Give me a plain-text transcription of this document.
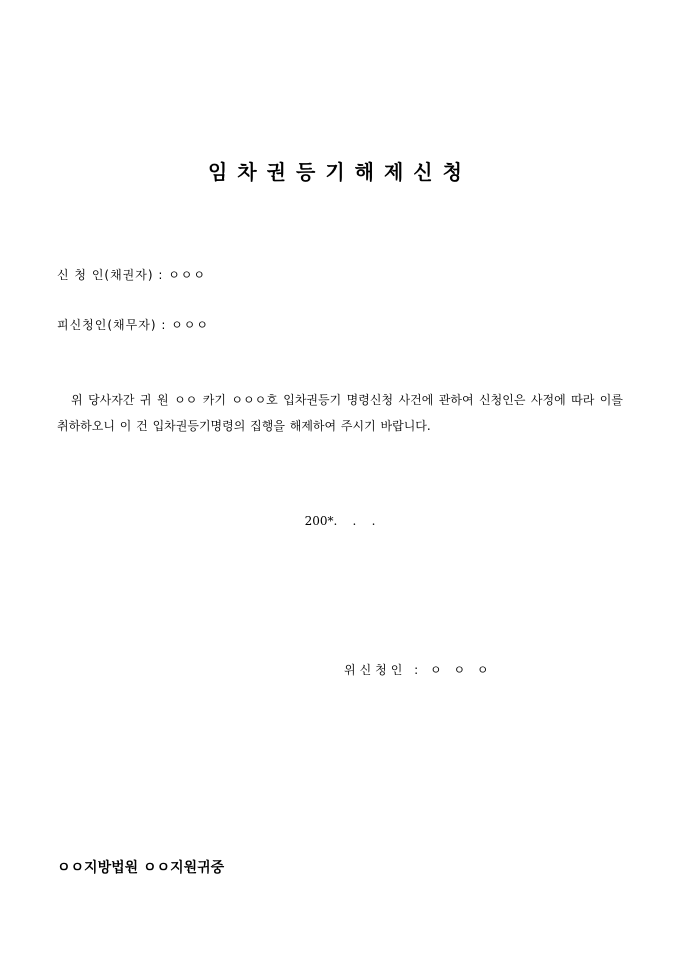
임차권등기해제신청
신 청 인(채권자) : ㅇㅇㅇ
피신청인(채무자) : ㅇㅇㅇ
위 당사자간 귀 원 ㅇㅇ 카기 ㅇㅇㅇ호 입차권등기 명령신청 사건에 관하여 신청인은 사정에 따라 이를 취하하오니 이 건 입차권등기명령의 집행을 해제하여 주시기 바랍니다.
200*.    .    .
위신청인 : ㅇ ㅇ ㅇ
ㅇㅇ지방법원 ㅇㅇ지원귀중
